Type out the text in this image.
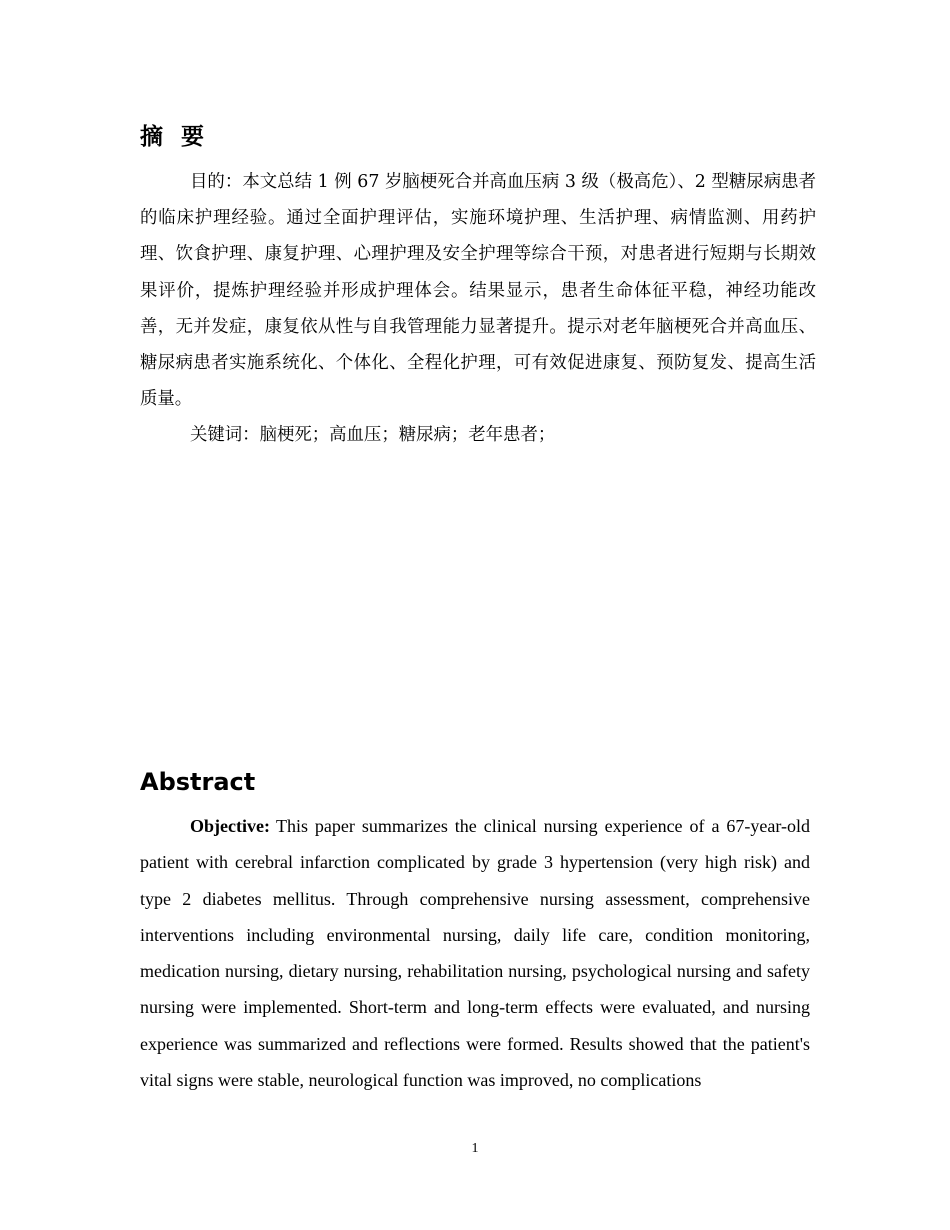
摘要

目的：本文总结 1 例 67 岁脑梗死合并高血压病 3 级（极高危）、2 型糖尿病患者的临床护理经验。通过全面护理评估，实施环境护理、生活护理、病情监测、用药护理、饮食护理、康复护理、心理护理及安全护理等综合干预，对患者进行短期与长期效果评价，提炼护理经验并形成护理体会。结果显示，患者生命体征平稳，神经功能改善，无并发症，康复依从性与自我管理能力显著提升。提示对老年脑梗死合并高血压、糖尿病患者实施系统化、个体化、全程化护理，可有效促进康复、预防复发、提高生活质量。

关键词：脑梗死；高血压；糖尿病；老年患者；

Abstract

Objective: This paper summarizes the clinical nursing experience of a 67-year-old patient with cerebral infarction complicated by grade 3 hypertension (very high risk) and type 2 diabetes mellitus. Through comprehensive nursing assessment, comprehensive interventions including environmental nursing, daily life care, condition monitoring, medication nursing, dietary nursing, rehabilitation nursing, psychological nursing and safety nursing were implemented. Short-term and long-term effects were evaluated, and nursing experience was summarized and reflections were formed. Results showed that the patient's vital signs were stable, neurological function was improved, no complications

1
